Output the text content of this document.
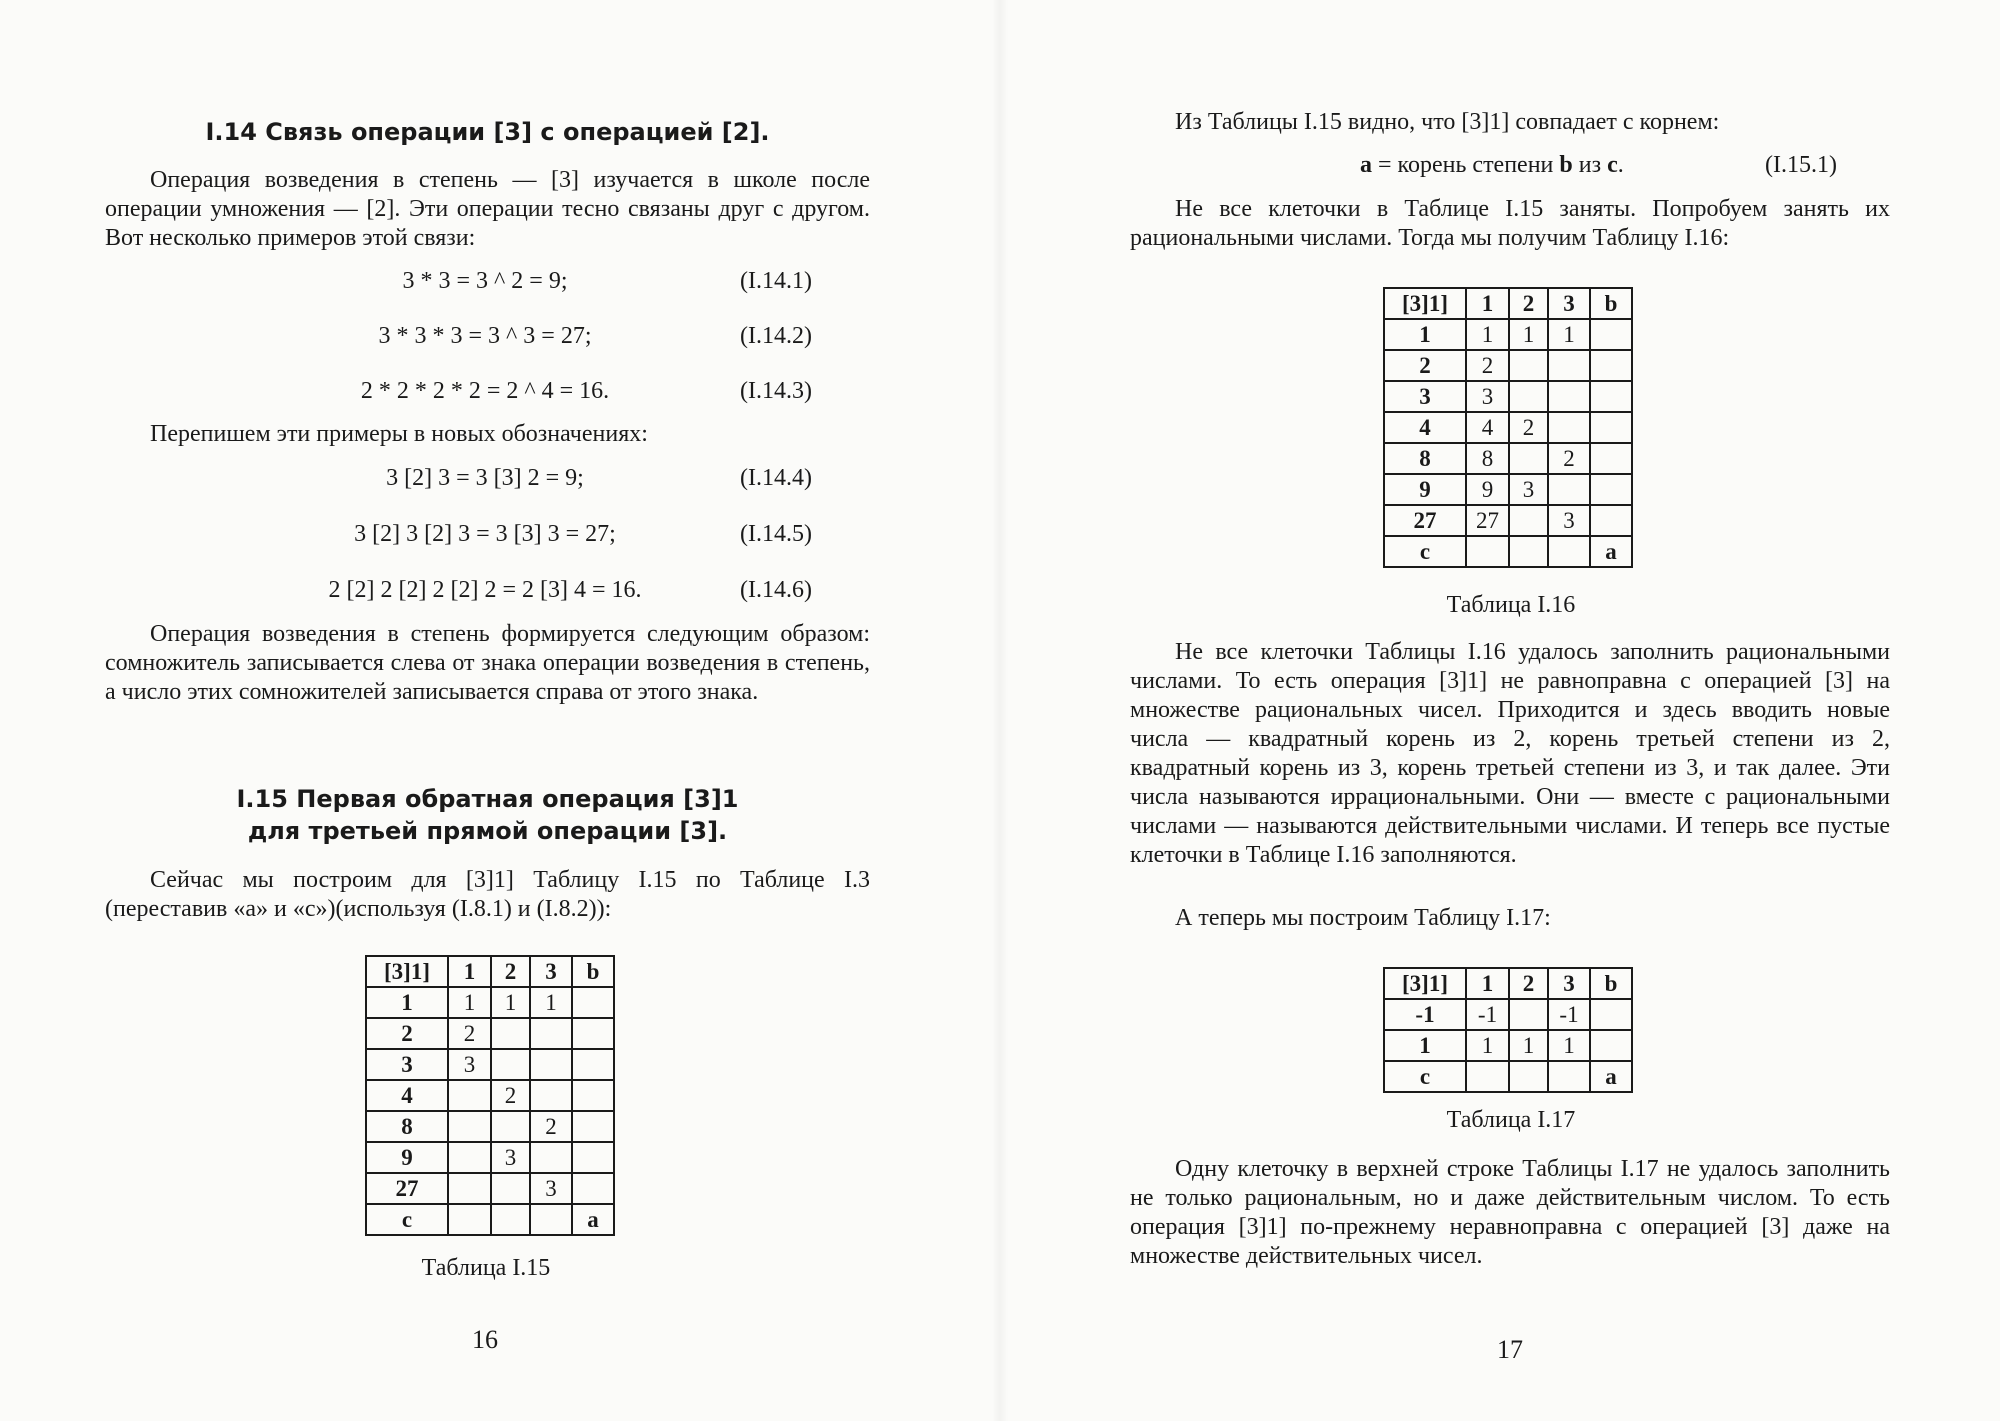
I.14 Связь операции [3] с операцией [2].

Операция возведения в степень — [3] изучается в школе после операции умножения — [2]. Эти операции тесно связаны друг с другом. Вот несколько примеров этой связи:

3 * 3 = 3 ^ 2 = 9;	(I.14.1)
3 * 3 * 3 = 3 ^ 3 = 27;	(I.14.2)
2 * 2 * 2 * 2 = 2 ^ 4 = 16.	(I.14.3)

Перепишем эти примеры в новых обозначениях:

3 [2] 3 = 3 [3] 2 = 9;	(I.14.4)
3 [2] 3 [2] 3 = 3 [3] 3 = 27;	(I.14.5)
2 [2] 2 [2] 2 [2] 2 = 2 [3] 4 = 16.	(I.14.6)

Операция возведения в степень формируется следующим образом: сомножитель записывается слева от знака операции возведения в степень, а число этих сомножителей записывается справа от этого знака.

I.15 Первая обратная операция [3]1
для третьей прямой операции [3].

Сейчас мы построим для [3]1] Таблицу I.15 по Таблице I.3 (переставив «a» и «c»)(используя (I.8.1) и (I.8.2)):

[3]1]	1	2	3	b
1	1	1	1	
2	2			
3	3			
4		2		
8			2	
9		3		
27			3	
c				a
Таблица I.15
16

Из Таблицы I.15 видно, что [3]1] совпадает с корнем:

a = корень степени b из c.	(I.15.1)

Не все клеточки в Таблице I.15 заняты. Попробуем занять их рациональными числами. Тогда мы получим Таблицу I.16:

[3]1]	1	2	3	b
1	1	1	1	
2	2			
3	3			
4	4	2		
8	8		2	
9	9	3		
27	27		3	
c				a
Таблица I.16

Не все клеточки Таблицы I.16 удалось заполнить рациональными числами. То есть операция [3]1] не равноправна с операцией [3] на множестве рациональных чисел. Приходится и здесь вводить новые числа — квадратный корень из 2, корень третьей степени из 2, квадратный корень из 3, корень третьей степени из 3, и так далее. Эти числа называются иррациональными. Они — вместе с рациональными числами — называются действительными числами. И теперь все пустые клеточки в Таблице I.16 заполняются.

А теперь мы построим Таблицу I.17:

[3]1]	1	2	3	b
-1	-1		-1	
1	1	1	1	
c				a
Таблица I.17

Одну клеточку в верхней строке Таблицы I.17 не удалось заполнить не только рациональным, но и даже действительным числом. То есть операция [3]1] по-прежнему неравноправна с операцией [3] даже на множестве действительных чисел.

17
